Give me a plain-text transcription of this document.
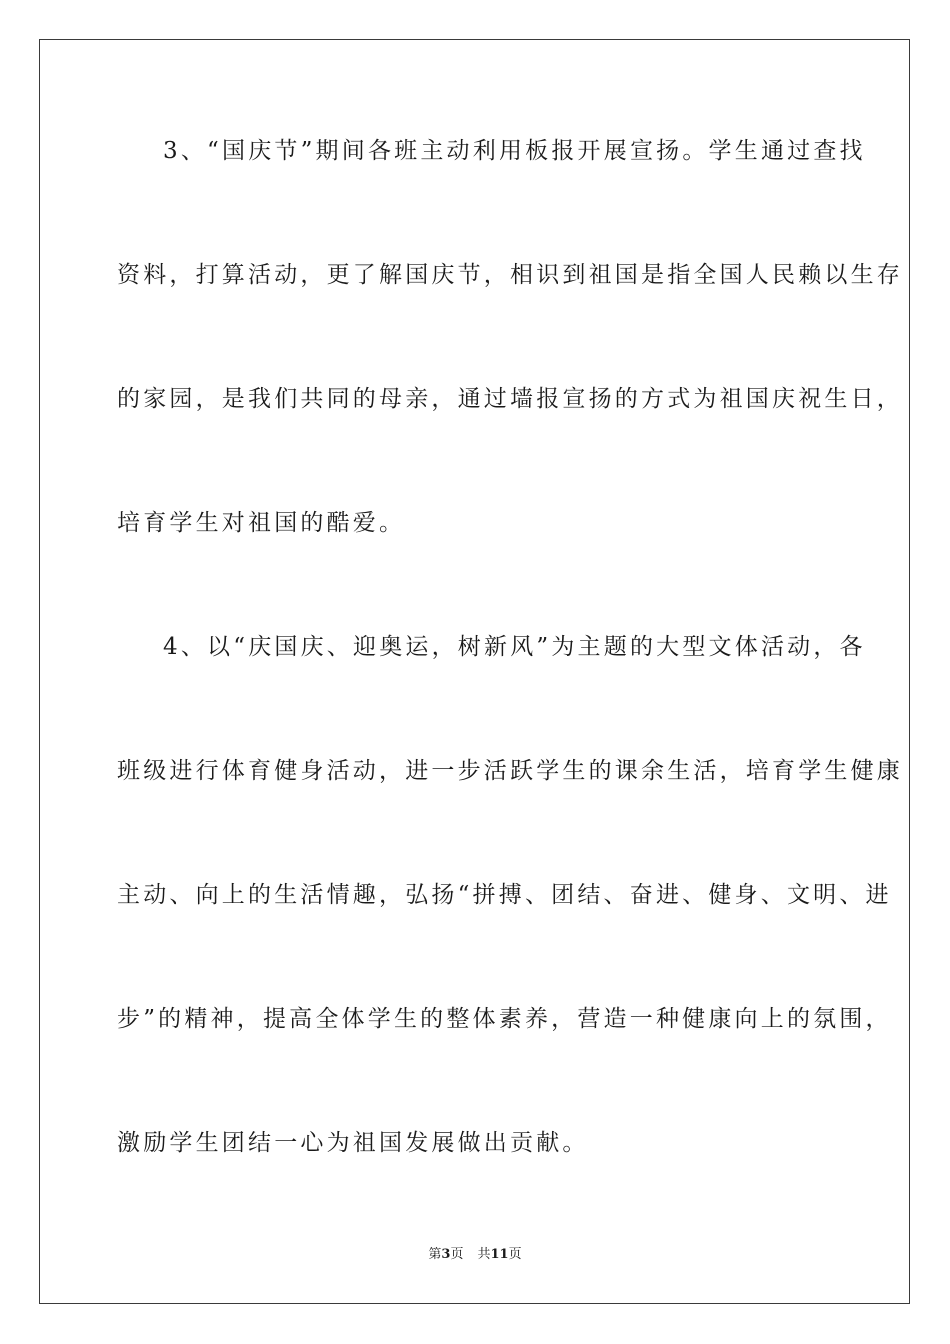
3、“国庆节”期间各班主动利用板报开展宣扬。学生通过查找

资料，打算活动，更了解国庆节，相识到祖国是指全国人民赖以生存

的家园，是我们共同的母亲，通过墙报宣扬的方式为祖国庆祝生日，

培育学生对祖国的酷爱。

4、以“庆国庆、迎奥运，树新风”为主题的大型文体活动，各

班级进行体育健身活动，进一步活跃学生的课余生活，培育学生健康

主动、向上的生活情趣，弘扬“拼搏、团结、奋进、健身、文明、进

步”的精神，提高全体学生的整体素养，营造一种健康向上的氛围，

激励学生团结一心为祖国发展做出贡献。

第3页 共11页
